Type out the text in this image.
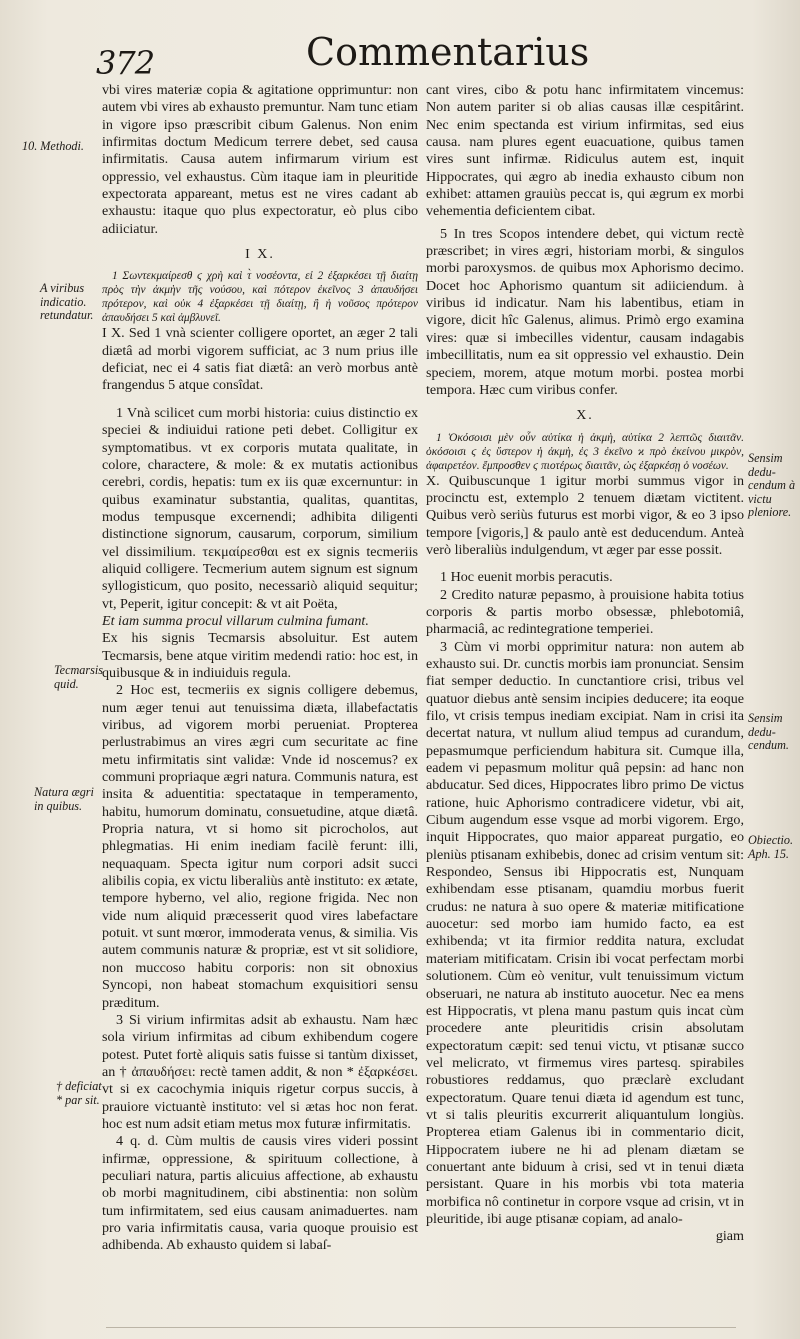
372	Commentarius
10. Methodi.
A viribus
indicatio.
retundatur.
Tecmarsis
quid.
Natura ægri
in quibus.
† deficiat
* par sit.
Sensim dedu-
cendum à
victu
pleniore.
Sensim dedu-
cendum.
Obiectio.
Aph. 15.

vbi vires materiæ copia & agitatione opprimuntur: non autem vbi vires ab exhausto premuntur. Nam tunc etiam in vigore ipso præscribit cibum Galenus. Non enim infirmitas doctum Medicum terrere debet, sed causa infirmitatis. Causa autem infirmarum virium est oppressio, vel exhaustus. Cùm itaque iam in pleuritide expectorata appareant, metus est ne vires cadant ab exhaustu: itaque quo plus expectoratur, eò plus cibo adiiciatur.

I X.

1 Σωντεκμαίρεσθ ϛ χρὴ καὶ τ̀ νοσέοντα, εἰ 2 ἐξαρκέσει τῇ διαίτῃ πρὸς τὴν ἀκμὴν τῆς νούσου, καὶ πότερον ἐκεῖνος 3 ἀπαυδήσει πρότερον, καὶ οὐκ 4 ἐξαρκέσει τῇ διαίτῃ, ἢ ἡ νοῦσος πρότερον ἀπαυδήσει 5 καὶ ἀμβλυνεῖ.

I X. Sed 1 vnà scienter colligere oportet, an æger 2 tali diætâ ad morbi vigorem sufficiat, ac 3 num prius ille deficiat, nec ei 4 satis fiat diætâ: an verò morbus antè frangendus 5 atque consîdat.

1 Vnà scilicet cum morbi historia: cuius distinctio ex speciei & indiuidui ratione peti debet. Colligitur ex symptomatibus. vt ex corporis mutata qualitate, in colore, charactere, & mole: & ex mutatis actionibus cerebri, cordis, hepatis: tum ex iis quæ excernuntur: in quibus examinatur substantia, qualitas, quantitas, modus tempusque excernendi; adhibita diligenti distinctione signorum, causarum, corporum, similium vel dissimilium. τεκμαίρεσθαι est ex signis tecmeriis aliquid colligere. Tecmerium autem signum est signum syllogisticum, quo posito, necessariò aliquid sequitur; vt, Peperit, igitur concepit: & vt ait Poëta,

Et iam summa procul villarum culmina fumant.

Ex his signis Tecmarsis absoluitur. Est autem Tecmarsis, bene atque viritim medendi ratio: hoc est, in quibusque & in indiuiduis regula.

2 Hoc est, tecmeriis ex signis colligere debemus, num æger tenui aut tenuissima diæta, illabefactatis viribus, ad vigorem morbi perueniat. Propterea perlustrabimus an vires ægri cum securitate ac fine metu infirmitatis sint validæ: Vnde id noscemus? ex communi propriaque ægri natura. Communis natura, est insita & aduentitia: spectataque in temperamento, habitu, humorum dominatu, consuetudine, atque diætâ. Propria natura, vt si homo sit picrocholos, aut phlegmatias. Hi enim inediam facilè ferunt: illi, nequaquam. Specta igitur num corpori adsit succi alibilis copia, ex victu liberaliùs antè instituto: ex ætate, tempore hyberno, vel alio, regione frigida. Nec non vide num aliquid præcesserit quod vires labefactare potuit. vt sunt mœror, immoderata venus, & similia. Vis autem communis naturæ & propriæ, est vt sit solidiore, non muccoso habitu corporis: non sit obnoxius Syncopi, non habeat stomachum exquisitiori sensu præditum.

3 Si virium infirmitas adsit ab exhaustu. Nam hæc sola virium infirmitas ad cibum exhibendum cogere potest. Putet fortè aliquis satis fuisse si tantùm dixisset, an † ἀπαυδήσει: rectè tamen addit, & non * ἐξαρκέσει. vt si ex cacochymia iniquis rigetur corpus succis, à prauiore victuantè instituto: vel si ætas hoc non ferat. hoc est num adsit etiam metus mox futuræ infirmitatis.

4 q. d. Cùm multis de causis vires videri possint infirmæ, oppressione, & spirituum collectione, à peculiari natura, partis alicuius affectione, ab exhaustu ob morbi magnitudinem, cibi abstinentia: non solùm tum infirmitatem, sed eius causam animaduertes. nam pro varia infirmitatis causa, varia quoque prouisio est adhibenda. Ab exhausto quidem si labaſ-

cant vires, cibo & potu hanc infirmitatem vincemus: Non autem pariter si ob alias causas illæ cespitârint. Nec enim spectanda est virium infirmitas, sed eius causa. nam plures egent euacuatione, quibus tamen vires sunt infirmæ. Ridiculus autem est, inquit Hippocrates, qui ægro ab inedia exhausto cibum non exhibet: attamen grauiùs peccat is, qui ægrum ex morbi vehementia deficientem cibat.

5 In tres Scopos intendere debet, qui victum rectè præscribet; in vires ægri, historiam morbi, & singulos morbi paroxysmos. de quibus mox Aphorismo decimo. Docet hoc Aphorismo quantum sit adiiciendum. à viribus id indicatur. Nam his labentibus, etiam in vigore, dicit hîc Galenus, alimus. Primò ergo examina vires: quæ si imbecilles videntur, causam indagabis imbecillitatis, num ea sit oppressio vel exhaustio. Dein speciem, morem, atque motum morbi. postea morbi tempora. Hæc cum viribus confer.

X.

1 Ὁκόσοισι μὲν οὖν αὐτίκα ἡ ἀκμὴ, αὐτίκα 2 λεπτῶς διαιτᾶν. ὁκόσοισι ϛ ἐς ὕστερον ἡ ἀκμὴ, ἐς 3 ἐκεῖνο ϰ πρὸ ἐκείνου μικρὸν, ἀφαιρετέον. ἔμπροσθεν ϛ πιοτέρως διαιτᾶν, ὡς ἐξαρκέσῃ ὁ νοσέων.

X. Quibuscunque 1 igitur morbi summus vigor in procinctu est, extemplo 2 tenuem diætam victitent. Quibus verò seriùs futurus est morbi vigor, & eo 3 ipso tempore [vigoris,] & paulo antè est deducendum. Anteà verò liberaliùs indulgendum, vt æger par esse possit.

1 Hoc euenit morbis peracutis.

2 Credito naturæ pepasmo, à prouisione habita totius corporis & partis morbo obsessæ, phlebotomiâ, pharmaciâ, ac redintegratione temperiei.

3 Cùm vi morbi opprimitur natura: non autem ab exhausto sui. Dr. cunctis morbis iam pronunciat. Sensim fiat semper deductio. In cunctantiore crisi, tribus vel quatuor diebus antè sensim incipies deducere; ita eoque filo, vt crisis tempus inediam excipiat. Nam in crisi ita decertat natura, vt nullum aliud tempus ad curandum, pepasmumque perficiendum habitura sit. Cumque illa, eadem vi pepasmum molitur quâ pepsin: ad hanc non abducatur. Sed dices, Hippocrates libro primo De victus ratione, huic Aphorismo contradicere videtur, vbi ait, Cibum augendum esse vsque ad morbi vigorem. Ergo, inquit Hippocrates, quo maior appareat purgatio, eo pleniùs ptisanam exhibebis, donec ad crisim ventum sit: Respondeo, Sensus ibi Hippocratis est, Nunquam exhibendam esse ptisanam, quamdiu morbus fuerit crudus: ne natura à suo opere & materiæ mitificatione auocetur: sed morbo iam humido facto, ea est exhibenda; vt ita firmior reddita natura, excludat materiam mitificatam. Crisin ibi vocat perfectam morbi solutionem. Cùm eò venitur, vult tenuissimum victum obseruari, ne natura ab instituto auocetur. Nec ea mens est Hippocratis, vt plena manu pastum quis incat cùm procedere ante pleuritidis crisin absolutam expectoratum cæpit: sed tenui victu, vt ptisanæ succo vel melicrato, vt firmemus vires partesq. spirabiles robustiores reddamus, quo præclarè excludant expectoratum. Quare tenui diæta id agendum est tunc, vt si talis pleuritis excurrerit aliquantulum longiùs. Propterea etiam Galenus ibi in commentario dicit, Hippocratem iubere ne hi ad plenam diætam se conuertant ante biduum à crisi, sed vt in tenui diæta persistant. Quare in his morbis vbi tota materia morbifica nô continetur in corpore vsque ad crisin, vt in pleuritide, ibi auge ptisanæ copiam, ad analo-

giam
